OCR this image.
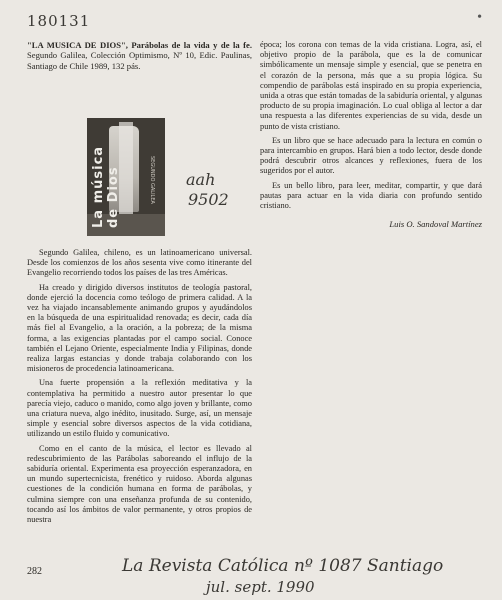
180131	•

"LA MUSICA DE DIOS", Parábolas de la vida y de la fe. Segundo Galilea, Colección Optimismo, Nº 10, Edic. Paulinas, Santiago de Chile 1989, 132 pás.

La música de Dios	SEGUNDO GALILEA aah
9502

Segundo Galilea, chileno, es un latinoamericano universal. Desde los comienzos de los años sesenta vive como itinerante del Evangelio recorriendo todos los países de las tres Américas.

Ha creado y dirigido diversos institutos de teología pastoral, donde ejerció la docencia como teólogo de primera calidad. A la vez ha viajado incansablemente animando grupos y ayudándolos en la búsqueda de una espiritualidad renovada; es decir, cada día más fiel al Evangelio, a la oración, a la pobreza; de la misma forma, a las exigencias plantadas por el campo social. Conoce también el Lejano Oriente, especialmente India y Filipinas, donde realiza largas estancias y donde trabaja colaborando con los misioneros de procedencia latinoamericana.

Una fuerte propensión a la reflexión meditativa y la contemplativa ha permitido a nuestro autor presentar lo que parecía viejo, caduco o manido, como algo joven y brillante, como una criatura nueva, algo inédito, inusitado. Surge, así, un mensaje simple y esencial sobre diversos aspectos de la vida cotidiana, utilizando un estilo fluido y comunicativo.

Como en el canto de la música, el lector es llevado al redescubrimiento de las Parábolas saboreando el influjo de la sabiduría oriental. Experimenta esa proyección esperanzadora, en un mundo supertecnicista, frenético y ruidoso. Aborda algunas cuestiones de la condición humana en forma de parábolas, y culmina siempre con una enseñanza profunda de su contenido, tocando así los ámbitos de valor permanente, y otros propios de nuestra

época; los corona con temas de la vida cristiana. Logra, así, el objetivo propio de la parábola, que es la de comunicar simbólicamente un mensaje simple y esencial, que se penetra en el corazón de la persona, más que a su propia lógica. Su compendio de parábolas está inspirado en su propia experiencia, unida a otras que están tomadas de la sabiduría oriental, y algunas producto de su propia imaginación. Lo cual obliga al lector a dar una respuesta a las diferentes experiencias de su vida, desde un punto de vista cristiano.

Es un libro que se hace adecuado para la lectura en común o para intercambio en grupos. Hará bien a todo lector, desde donde podrá descubrir otros alcances y reflexiones, fuera de los sugeridos por el autor.

Es un bello libro, para leer, meditar, compartir, y que dará pautas para actuar en la vida diaria con profundo sentido cristiano.

Luis O. Sandoval Martínez
282	La Revista Católica nº 1087 Santiago
jul. sept. 1990
